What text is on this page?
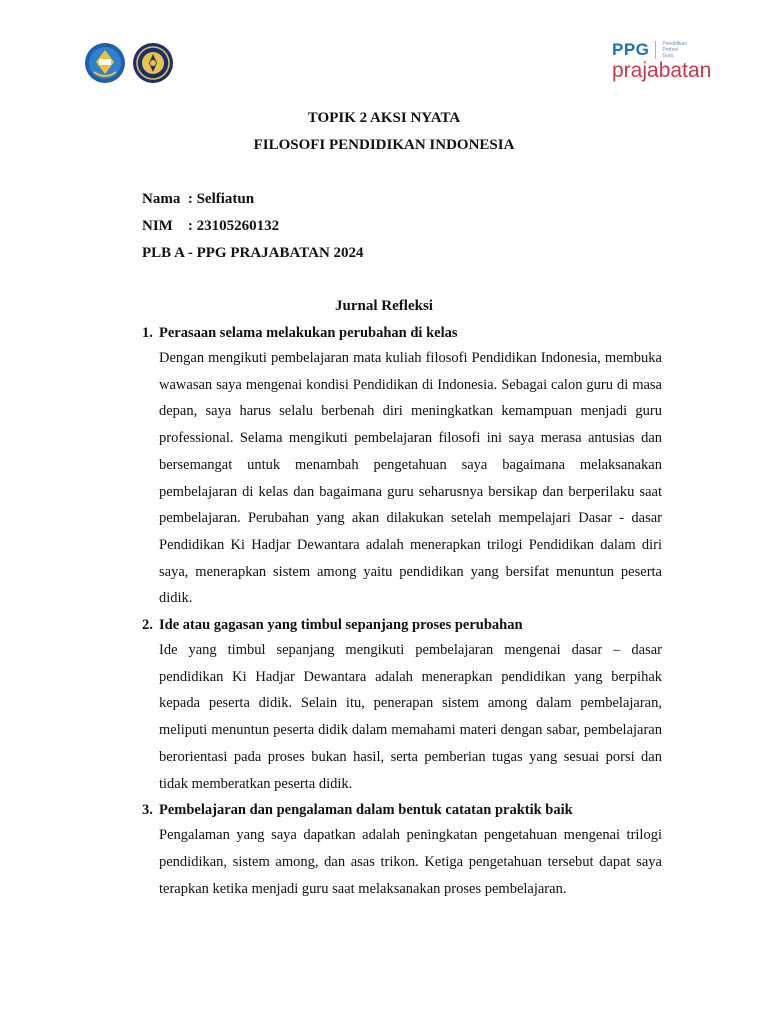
PPG	Pendidikan
Profesi
Guru
prajabatan
TOPIK 2 AKSI NYATA
FILOSOFI PENDIDIKAN INDONESIA
Nama  : Selfiatun
NIM    : 23105260132
PLB A - PPG PRAJABATAN 2024
Jurnal Refleksi
1. Perasaan selama melakukan perubahan di kelas
Dengan mengikuti pembelajaran mata kuliah filosofi Pendidikan Indonesia, membuka wawasan saya mengenai kondisi Pendidikan di Indonesia. Sebagai calon guru di masa depan, saya harus selalu berbenah diri meningkatkan kemampuan menjadi guru professional. Selama mengikuti pembelajaran filosofi ini saya merasa antusias dan bersemangat untuk menambah pengetahuan saya bagaimana melaksanakan pembelajaran di kelas dan bagaimana guru seharusnya bersikap dan berperilaku saat pembelajaran. Perubahan yang akan dilakukan setelah mempelajari Dasar - dasar Pendidikan Ki Hadjar Dewantara adalah menerapkan trilogi Pendidikan dalam diri saya, menerapkan sistem among yaitu pendidikan yang bersifat menuntun peserta didik.
2. Ide atau gagasan yang timbul sepanjang proses perubahan
Ide yang timbul sepanjang mengikuti pembelajaran mengenai dasar – dasar pendidikan Ki Hadjar Dewantara adalah menerapkan pendidikan yang berpihak kepada peserta didik. Selain itu, penerapan sistem among dalam pembelajaran, meliputi menuntun peserta didik dalam memahami materi dengan sabar, pembelajaran berorientasi pada proses bukan hasil, serta pemberian tugas yang sesuai porsi dan tidak memberatkan peserta didik.
3. Pembelajaran dan pengalaman dalam bentuk catatan praktik baik
Pengalaman yang saya dapatkan adalah peningkatan pengetahuan mengenai trilogi pendidikan, sistem among, dan asas trikon. Ketiga pengetahuan tersebut dapat saya terapkan ketika menjadi guru saat melaksanakan proses pembelajaran.
